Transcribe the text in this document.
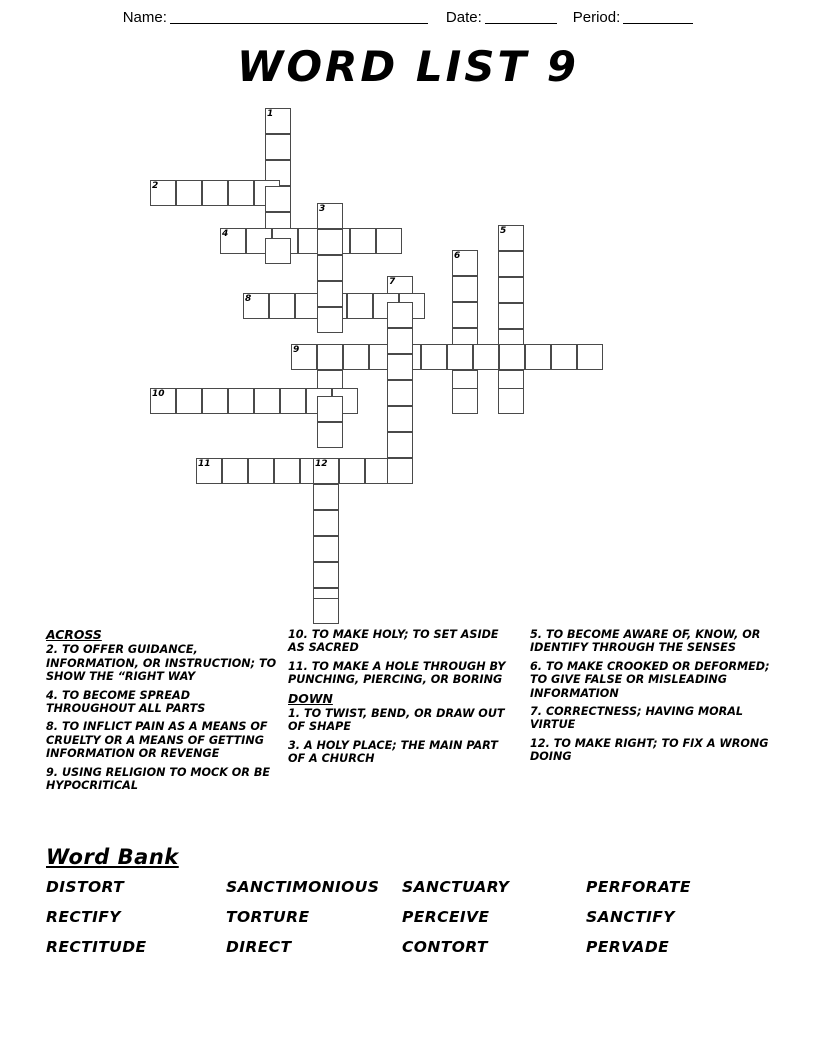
Name:	Date:	Period:
WORD LIST 9
1
2
3
4	5
6
7
8
9
10
11	12
ACROSS
2. TO OFFER GUIDANCE, INFORMATION, OR INSTRUCTION; TO SHOW THE “RIGHT WAY
4. TO BECOME SPREAD THROUGHOUT ALL PARTS
8. TO INFLICT PAIN AS A MEANS OF CRUELTY OR A MEANS OF GETTING INFORMATION OR REVENGE
9. USING RELIGION TO MOCK OR BE HYPOCRITICAL
10. TO MAKE HOLY; TO SET ASIDE AS SACRED
11. TO MAKE A HOLE THROUGH BY PUNCHING, PIERCING, OR BORING
DOWN
1. TO TWIST, BEND, OR DRAW OUT OF SHAPE
3. A HOLY PLACE; THE MAIN PART OF A CHURCH
5. TO BECOME AWARE OF, KNOW, OR IDENTIFY THROUGH THE SENSES
6. TO MAKE CROOKED OR DEFORMED; TO GIVE FALSE OR MISLEADING INFORMATION
7. CORRECTNESS; HAVING MORAL VIRTUE
12. TO MAKE RIGHT; TO FIX A WRONG DOING
Word Bank
DISTORT	SANCTIMONIOUS	SANCTUARY	PERFORATE
RECTIFY	TORTURE	PERCEIVE	SANCTIFY
RECTITUDE	DIRECT	CONTORT	PERVADE
